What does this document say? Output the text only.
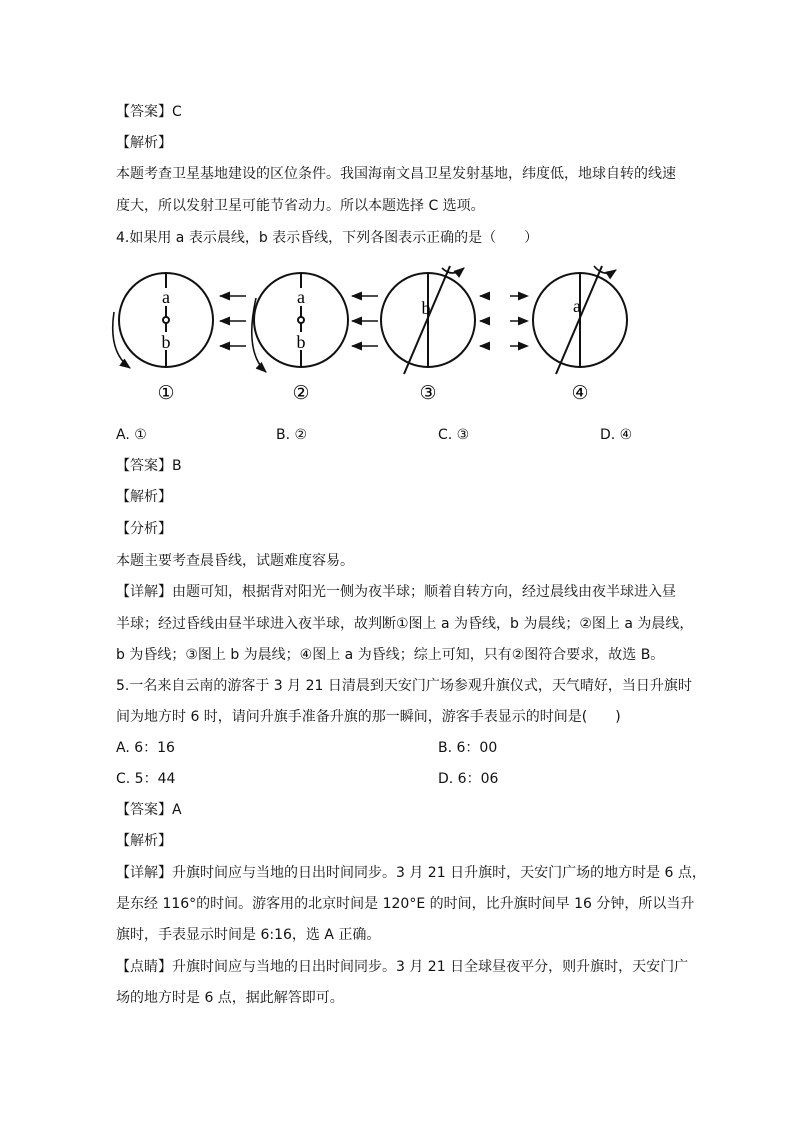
【答案】C
【解析】
本题考查卫星基地建设的区位条件。我国海南文昌卫星发射基地，纬度低，地球自转的线速
度大，所以发射卫星可能节省动力。所以本题选择 C 选项。
4.如果用 a 表示晨线，b 表示昏线，下列各图表示正确的是（　　）
a
b
a
b
b	a
①	②	③	④
A. ①	B. ②	C. ③	D. ④
【答案】B
【解析】
【分析】
本题主要考查晨昏线，试题难度容易。
【详解】由题可知，根据背对阳光一侧为夜半球；顺着自转方向，经过晨线由夜半球进入昼
半球；经过昏线由昼半球进入夜半球，故判断①图上 a 为昏线，b 为晨线；②图上 a 为晨线，
b 为昏线；③图上 b 为晨线；④图上 a 为昏线；综上可知，只有②图符合要求，故选 B。
5.一名来自云南的游客于 3 月 21 日清晨到天安门广场参观升旗仪式，天气晴好，当日升旗时
间为地方时 6 时，请问升旗手准备升旗的那一瞬间，游客手表显示的时间是(　　)
A. 6：16	B. 6：00
C. 5：44	D. 6：06
【答案】A
【解析】
【详解】升旗时间应与当地的日出时间同步。3 月 21 日升旗时，天安门广场的地方时是 6 点，
是东经 116°的时间。游客用的北京时间是 120°E 的时间，比升旗时间早 16 分钟，所以当升
旗时，手表显示时间是 6:16，选 A 正确。
【点睛】升旗时间应与当地的日出时间同步。3 月 21 日全球昼夜平分，则升旗时，天安门广
场的地方时是 6 点，据此解答即可。
